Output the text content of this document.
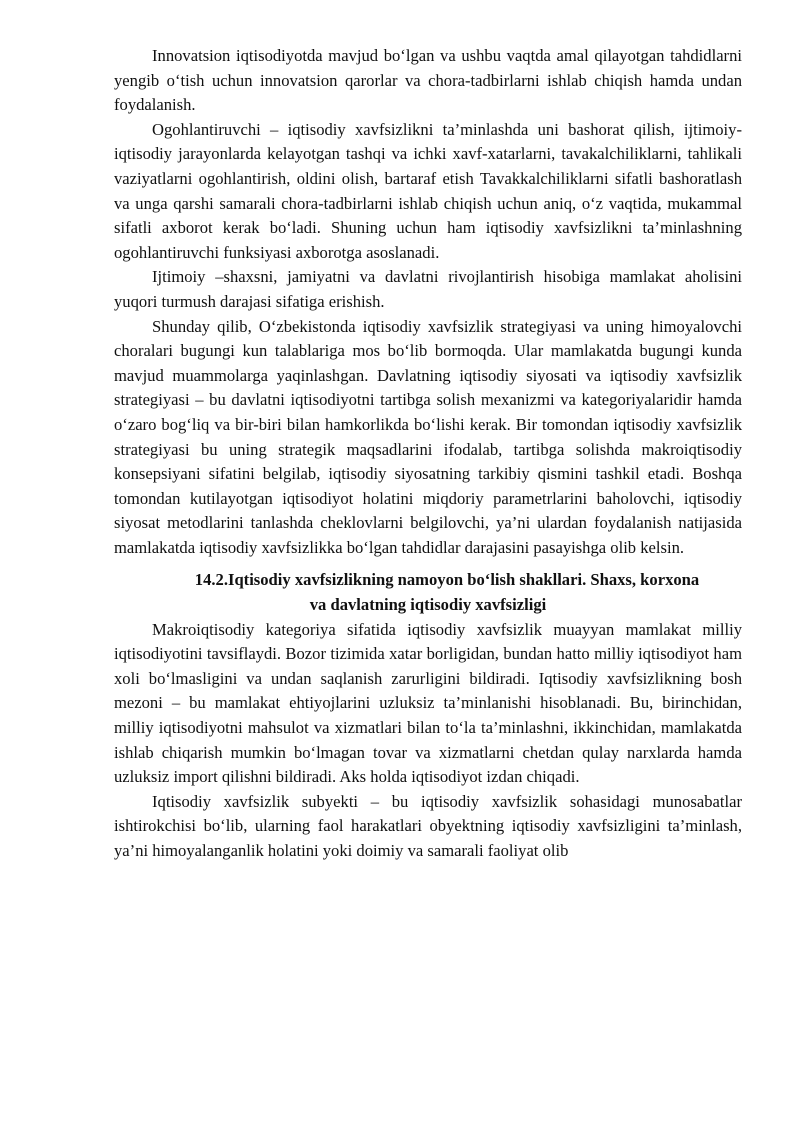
Innovatsion iqtisodiyotda mavjud bo‘lgan va ushbu vaqtda amal qilayotgan tahdidlarni yengib o‘tish uchun innovatsion qarorlar va chora-tadbirlarni ishlab chiqish hamda undan foydalanish.

Ogohlantiruvchi – iqtisodiy xavfsizlikni ta’minlashda uni bashorat qilish, ijtimoiy-iqtisodiy jarayonlarda kelayotgan tashqi va ichki xavf-xatarlarni, tavakalchiliklarni, tahlikali vaziyatlarni ogohlantirish, oldini olish, bartaraf etish Tavakkalchiliklarni sifatli bashoratlash va unga qarshi samarali chora-tadbirlarni ishlab chiqish uchun aniq, o‘z vaqtida, mukammal sifatli axborot kerak bo‘ladi. Shuning uchun ham iqtisodiy xavfsizlikni ta’minlashning ogohlantiruvchi funksiyasi axborotga asoslanadi.

Ijtimoiy –shaxsni, jamiyatni va davlatni rivojlantirish hisobiga mamlakat aholisini yuqori turmush darajasi sifatiga erishish.

Shunday qilib, O‘zbekistonda iqtisodiy xavfsizlik strategiyasi va uning himoyalovchi choralari bugungi kun talablariga mos bo‘lib bormoqda. Ular mamlakatda bugungi kunda mavjud muammolarga yaqinlashgan. Davlatning iqtisodiy siyosati va iqtisodiy xavfsizlik strategiyasi – bu davlatni iqtisodiyotni tartibga solish mexanizmi va kategoriyalaridir hamda o‘zaro bog‘liq va bir-biri bilan hamkorlikda bo‘lishi kerak. Bir tomondan iqtisodiy xavfsizlik strategiyasi bu uning strategik maqsadlarini ifodalab, tartibga solishda makroiqtisodiy konsepsiyani sifatini belgilab, iqtisodiy siyosatning tarkibiy qismini tashkil etadi. Boshqa tomondan kutilayotgan iqtisodiyot holatini miqdoriy parametrlarini baholovchi, iqtisodiy siyosat metodlarini tanlashda cheklovlarni belgilovchi, ya’ni ulardan foydalanish natijasida mamlakatda iqtisodiy xavfsizlikka bo‘lgan tahdidlar darajasini pasayishga olib kelsin.

14.2.Iqtisodiy xavfsizlikning namoyon bo‘lish shakllari. Shaxs, korxona
va davlatning iqtisodiy xavfsizligi

Makroiqtisodiy kategoriya sifatida iqtisodiy xavfsizlik muayyan mamlakat milliy iqtisodiyotini tavsiflaydi. Bozor tizimida xatar borligidan, bundan hatto milliy iqtisodiyot ham xoli bo‘lmasligini va undan saqlanish zarurligini bildiradi. Iqtisodiy xavfsizlikning bosh mezoni – bu mamlakat ehtiyojlarini uzluksiz ta’minlanishi hisoblanadi. Bu, birinchidan, milliy iqtisodiyotni mahsulot va xizmatlari bilan to‘la ta’minlashni, ikkinchidan, mamlakatda ishlab chiqarish mumkin bo‘lmagan tovar va xizmatlarni chetdan qulay narxlarda hamda uzluksiz import qilishni bildiradi. Aks holda iqtisodiyot izdan chiqadi.

Iqtisodiy xavfsizlik subyekti – bu iqtisodiy xavfsizlik sohasidagi munosabatlar ishtirokchisi bo‘lib, ularning faol harakatlari obyektning iqtisodiy xavfsizligini ta’minlash, ya’ni himoyalanganlik holatini yoki doimiy va samarali faoliyat olib
